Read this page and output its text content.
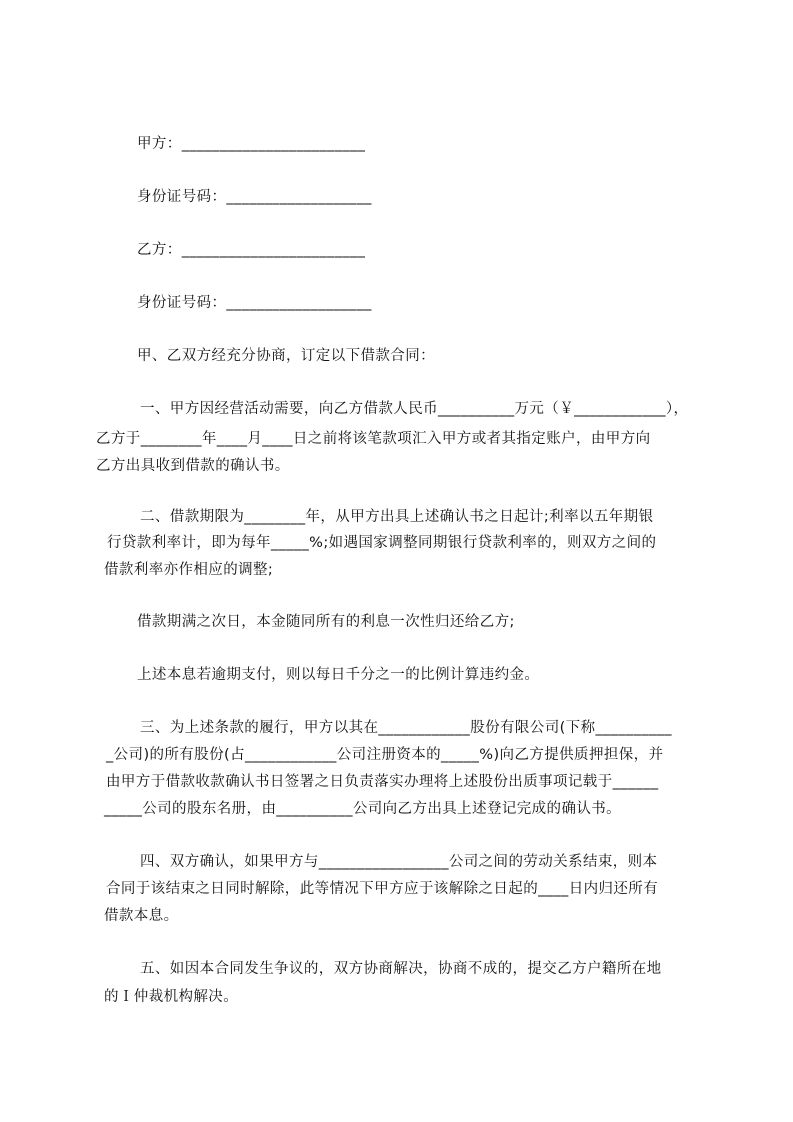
甲方：________________________
身份证号码：___________________
乙方：________________________
身份证号码：___________________
甲、乙双方经充分协商，订定以下借款合同：
一、甲方因经营活动需要，向乙方借款人民币__________万元（￥____________），
乙方于________年____月____日之前将该笔款项汇入甲方或者其指定账户，由甲方向
乙方出具收到借款的确认书。
二、借款期限为________年，从甲方出具上述确认书之日起计;利率以五年期银
行贷款利率计，即为每年_____%;如遇国家调整同期银行贷款利率的，则双方之间的
借款利率亦作相应的调整;
借款期满之次日，本金随同所有的利息一次性归还给乙方;
上述本息若逾期支付，则以每日千分之一的比例计算违约金。
三、为上述条款的履行，甲方以其在____________股份有限公司(下称__________
_公司)的所有股份(占____________公司注册资本的_____%)向乙方提供质押担保，并
由甲方于借款收款确认书日签署之日负责落实办理将上述股份出质事项记载于______
_____公司的股东名册，由__________公司向乙方出具上述登记完成的确认书。
四、双方确认，如果甲方与_________________公司之间的劳动关系结束，则本
合同于该结束之日同时解除，此等情况下甲方应于该解除之日起的____日内归还所有
借款本息。
五、如因本合同发生争议的，双方协商解决，协商不成的，提交乙方户籍所在地
的Ｉ仲裁机构解决。
